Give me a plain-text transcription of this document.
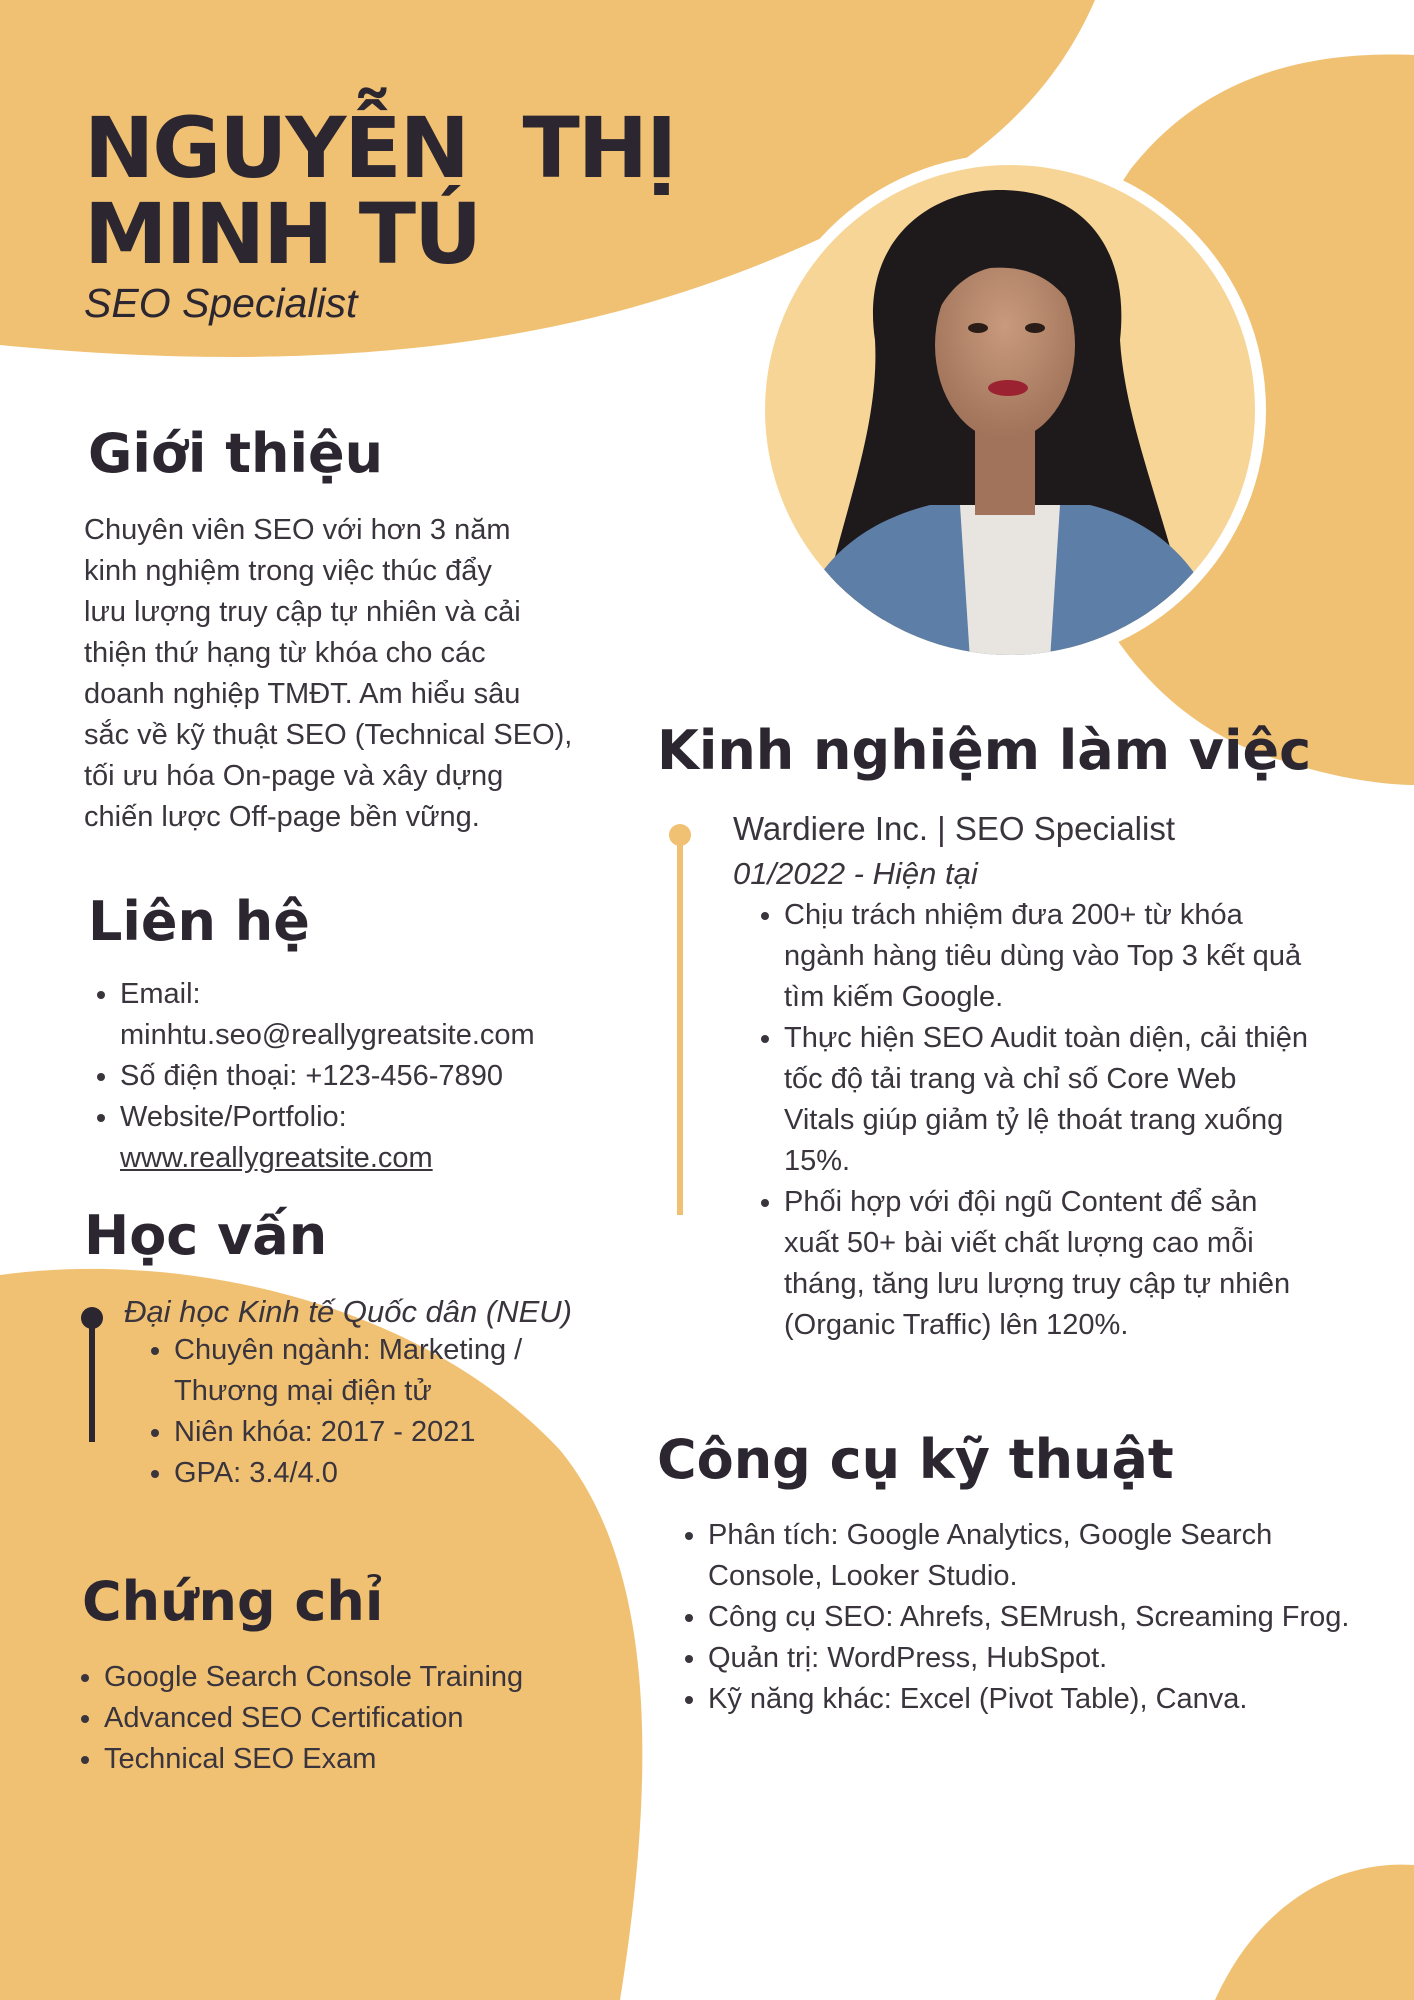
NGUYỄN  THỊ
MINH TÚ
SEO Specialist
Giới thiệu
Chuyên viên SEO với hơn 3 năm
kinh nghiệm trong việc thúc đẩy
lưu lượng truy cập tự nhiên và cải
thiện thứ hạng từ khóa cho các
doanh nghiệp TMĐT. Am hiểu sâu
sắc về kỹ thuật SEO (Technical SEO),
tối ưu hóa On-page và xây dựng
chiến lược Off-page bền vững.
Liên hệ
• Email:
minhtu.seo@reallygreatsite.com
• Số điện thoại: +123-456-7890
• Website/Portfolio:
www.reallygreatsite.com
Học vấn
Đại học Kinh tế Quốc dân (NEU)
• Chuyên ngành: Marketing / Thương mại điện tử
• Niên khóa: 2017 - 2021
• GPA: 3.4/4.0
Chứng chỉ
• Google Search Console Training
• Advanced SEO Certification
• Technical SEO Exam
Kinh nghiệm làm việc
Wardiere Inc. | SEO Specialist
01/2022 - Hiện tại
• Chịu trách nhiệm đưa 200+ từ khóa ngành hàng tiêu dùng vào Top 3 kết quả tìm kiếm Google.
• Thực hiện SEO Audit toàn diện, cải thiện tốc độ tải trang và chỉ số Core Web Vitals giúp giảm tỷ lệ thoát trang xuống 15%.
• Phối hợp với đội ngũ Content để sản xuất 50+ bài viết chất lượng cao mỗi tháng, tăng lưu lượng truy cập tự nhiên (Organic Traffic) lên 120%.
Công cụ kỹ thuật
• Phân tích: Google Analytics, Google Search Console, Looker Studio.
• Công cụ SEO: Ahrefs, SEMrush, Screaming Frog.
• Quản trị: WordPress, HubSpot.
• Kỹ năng khác: Excel (Pivot Table), Canva.
